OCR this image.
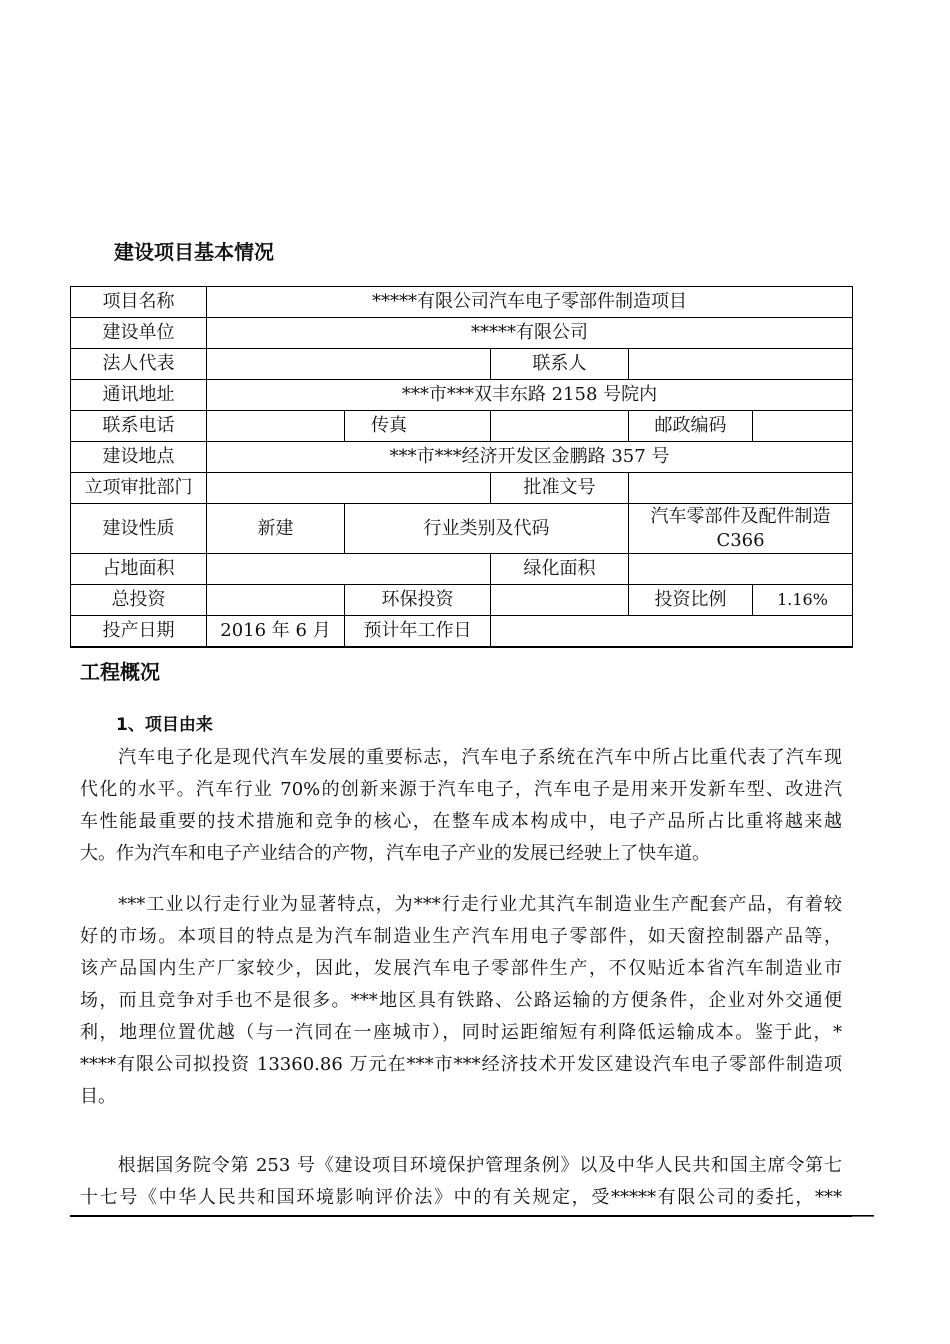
建设项目基本情况
项目名称	*****有限公司汽车电子零部件制造项目				
建设单位	*****有限公司				
法人代表			联系人		
通讯地址	***市***双丰东路 2158 号院内				
联系电话		传真		邮政编码	
建设地点	***市***经济开发区金鹏路 357 号				
立项审批部门			批准文号		
建设性质	新建	行业类别及代码		汽车零部件及配件制造 C366	
占地面积			绿化面积		
总投资		环保投资		投资比例	1.16%
投产日期	2016 年 6 月	预计年工作日			
工程概况
1、项目由来

　　汽车电子化是现代汽车发展的重要标志，汽车电子系统在汽车中所占比重代表了汽车现
代化的水平。汽车行业 70%的创新来源于汽车电子，汽车电子是用来开发新车型、改进汽
车性能最重要的技术措施和竞争的核心，在整车成本构成中，电子产品所占比重将越来越
大。作为汽车和电子产业结合的产物，汽车电子产业的发展已经驶上了快车道。

　　***工业以行走行业为显著特点，为***行走行业尤其汽车制造业生产配套产品，有着较
好的市场。本项目的特点是为汽车制造业生产汽车用电子零部件，如天窗控制器产品等，
该产品国内生产厂家较少，因此，发展汽车电子零部件生产，不仅贴近本省汽车制造业市
场，而且竞争对手也不是很多。***地区具有铁路、公路运输的方便条件，企业对外交通便
利，地理位置优越（与一汽同在一座城市），同时运距缩短有利降低运输成本。鉴于此，*
****有限公司拟投资 13360.86 万元在***市***经济技术开发区建设汽车电子零部件制造项
目。

　　根据国务院令第 253 号《建设项目环境保护管理条例》以及中华人民共和国主席令第七
十七号《中华人民共和国环境影响评价法》中的有关规定，受*****有限公司的委托，***
